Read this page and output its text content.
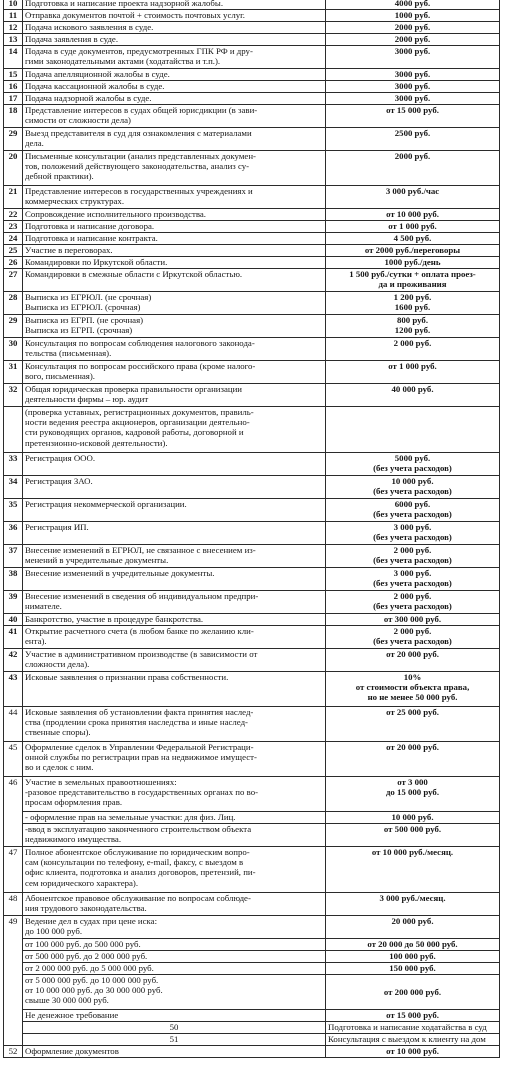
10	Подготовка и написание проекта надзорной жалобы.	4000 руб.	

11	Отправка документов почтой + стоимость почтовых услуг.	1000 руб.	

12	Подача искового заявления в суде.	2000 руб.	

13	Подача заявления в суде.	2000 руб.	

14	Подача в суде документов, предусмотренных ГПК РФ и дру-
гими законодательными актами (ходатайства и т.п.).	3000 руб.	

15	Подача апелляционной жалобы в суде.	3000 руб.	

16	Подача кассационной жалобы в суде.	3000 руб.	

17	Подача надзорной жалобы в суде.	3000 руб.	

18	Представление интересов в судах общей юрисдикции (в зави-
симости от сложности дела)	от 15 000 руб.	

29	Выезд представителя в суд для ознакомления с материалами
дела.	2500 руб.	

20	Письменные консультации (анализ представленных докумен-
тов, положений действующего законодательства, анализ су-
дебной практики).	2000 руб.	

21	Представление интересов в государственных учреждениях и
коммерческих структурах.	3 000 руб./час	

22	Сопровождение исполнительного производства.	от 10 000 руб.	

23	Подготовка и написание договора.	от 1 000 руб.	

24	Подготовка и написание контракта.	4 500 руб.	

25	Участие в переговорах.	от 2000 руб./переговоры	

26	Командировки по Иркутской области.	1000 руб./день	

27	Командировки в смежные области с Иркутской областью.	1 500 руб./сутки + оплата проез-
да и проживания	

28	Выписка из ЕГРЮЛ. (не срочная)
Выписка из ЕГРЮЛ. (срочная)	1 200 руб.
1600 руб.	

29	Выписка из ЕГРП. (не срочная)
Выписка из ЕГРП. (срочная)	800 руб.
1200 руб.	

30	Консультация по вопросам соблюдения налогового законода-
тельства (письменная).	2 000 руб.	

31	Консультация по вопросам российского права (кроме налого-
вого, письменная).	от 1 000 руб.	

32	Общая юридическая проверка правильности организации
деятельности фирмы – юр. аудит	40 000 руб.	

	(проверка уставных, регистрационных документов, правиль-
ности ведения реестра акционеров, организации деятельно-
сти руководящих органов, кадровой работы, договорной и
претензионно-исковой деятельности).		

33	Регистрация ООО.	5000 руб.
(без учета расходов)	

34	Регистрация ЗАО.	10 000 руб.
(без учета расходов)	

35	Регистрация некоммерческой организации.	6000 руб.
(без учета расходов)	

36	Регистрация ИП.	3 000 руб.
(без учета расходов)	

37	Внесение изменений в ЕГРЮЛ, не связанное с внесением из-
менений в учредительные документы.	2 000 руб.
(без учета расходов)	

38	Внесение изменений в учредительные документы.	3 000 руб.
(без учета расходов)	

39	Внесение изменений в сведения об индивидуальном предпри-
нимателе.	2 000 руб.
(без учета расходов)	

40	Банкротство, участие в процедуре банкротства.	от 300 000 руб.	

41	Открытие расчетного счета (в любом банке по желанию кли-
ента).	2 000 руб.
(без учета расходов)	

42	Участие в административном производстве (в зависимости от
сложности дела).	от 20 000 руб.	

43	Исковые заявления о признании права собственности.	10%
от стоимости объекта права,
но не менее 50 000 руб.	

44	Исковые заявления об установлении факта принятия наслед-
ства (продлении срока принятия наследства и иные наслед-
ственные споры).	от 25 000 руб.	

45	Оформление сделок в Управлении Федеральной Регистраци-
онной службы по регистрации прав на недвижимое имущест-
во и сделок с ним.	от 20 000 руб.	

46	Участие в земельных правоотношениях:
-разовое представительство в государственных органах по во-
просам оформления прав.	от 3 000
до 15 000 руб.	

	- оформление прав на земельные участки: для физ. Лиц.	10 000 руб.	

	-ввод в эксплуатацию законченного строительством объекта
недвижимого имущества.	от 500 000 руб.	

47	Полное абонентское обслуживание по юридическим вопро-
сам (консультации по телефону, e-mail, факсу, с выездом в
офис клиента, подготовка и анализ договоров, претензий, пи-
сем юридического характера).	от 10 000 руб./месяц.	

48	Абонентское правовое обслуживание по вопросам соблюде-
ния трудового законодательства.	3 000 руб./месяц.	

49	Ведение дел в судах при цене иска:
до 100 000 руб.	20 000 руб.	

	от 100 000 руб. до 500 000 руб.	от 20 000 до 50 000 руб.	

	от 500 000 руб. до 2 000 000 руб.	100 000 руб.	

	от 2 000 000 руб. до 5 000 000 руб.	150 000 руб.	

	от 5 000 000 руб. до 10 000 000 руб.
от 10 000 000 руб. до 30 000 000 руб.
свыше 30 000 000 руб.	от 200 000 руб.	

	Не денежное требование	от 15 000 руб.	

	50	Подготовка и написание ходатайства в суд

	51	Консультация с выездом к клиенту на дом

52	Оформление документов	от 10 000 руб.	
